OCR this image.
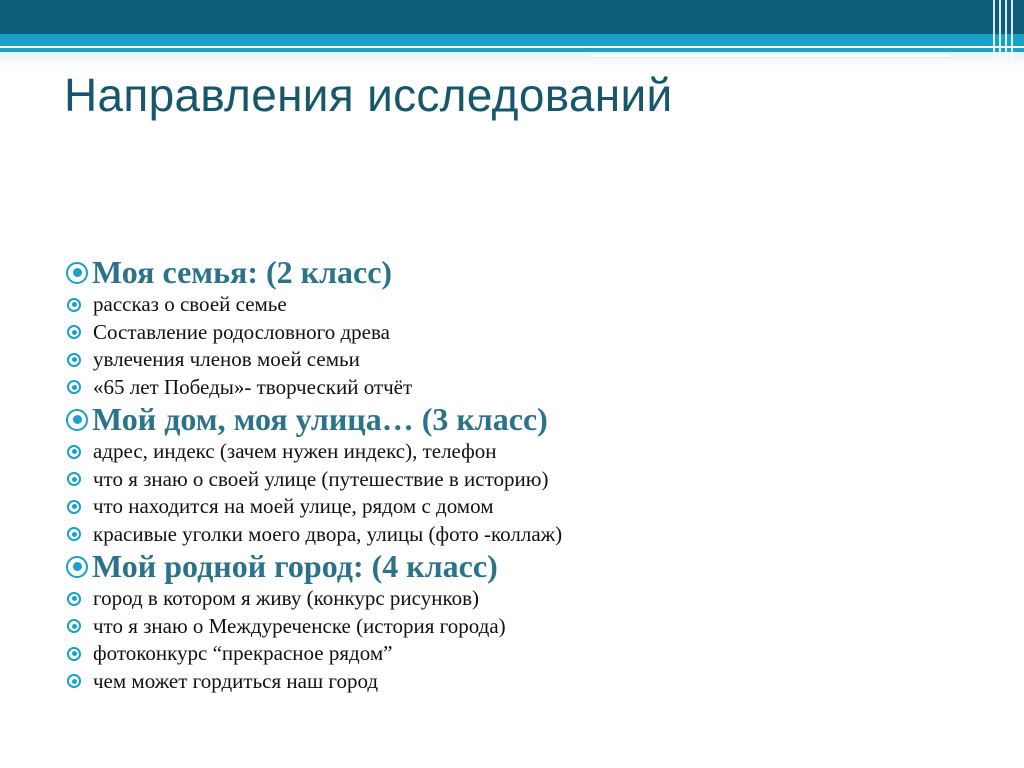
Направления исследований
Моя семья: (2 класс)
рассказ о своей семье
Составление родословного древа
увлечения членов моей семьи
«65 лет Победы»- творческий отчёт
Мой дом, моя улица… (3 класс)
адрес, индекс (зачем нужен индекс), телефон
что я знаю о своей улице (путешествие в историю)
что находится на моей улице, рядом с домом
красивые уголки моего двора, улицы (фото -коллаж)
Мой родной город: (4 класс)
город в котором я живу (конкурс рисунков)
что я знаю о Междуреченске (история города)
фотоконкурс “прекрасное рядом”
чем может гордиться наш город
